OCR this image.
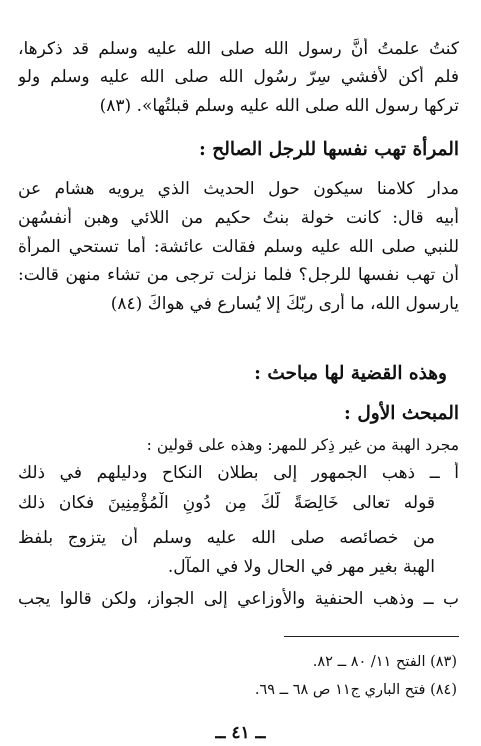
كنتُ علمتُ أنَّ رسول الله صلى الله عليه وسلم قد ذكرها،
فلم أكن لأفشي سِرّ رسُول الله صلى الله عليه وسلم ولو
تركها رسول الله صلى الله عليه وسلم قبلتُها». (٨٣)
المرأة تهب نفسها للرجل الصالح :
مدار كلامنا سيكون حول الحديث الذي يرويه هشام عن
أبيه قال: كانت خولة بنتُ حكيم من اللائي وهبن أنفسُهن
للنبي صلى الله عليه وسلم فقالت عائشة: أما تستحي المرأة
أن تهب نفسها للرجل؟ فلما نزلت ترجى من تشاء منهن قالت:
يارسول الله، ما أرى ربّكَ إلا يُسارع في هواكَ (٨٤)
وهذه القضية لها مباحث :
المبحث الأول :
مجرد الهبة من غير ذِكر للمهر: وهذه على قولين :
أ ــ ذهب الجمهور إلى بطلان النكاح ودليلهم في ذلك
قوله تعالى خَالِصَةً لَّكَ مِن دُونِ الْمُؤْمِنِينَ فكان ذلك
من خصائصه صلى الله عليه وسلم أن يتزوج بلفظ
الهبة بغير مهر في الحال ولا في المآل.
ب ــ وذهب الحنفية والأوزاعي إلى الجواز، ولكن قالوا يجب
(٨٣) الفتح ١١/ ٨٠ ــ ٨٢.
(٨٤) فتح الباري ج١١ ص ٦٨ ــ ٦٩.
ــ ٤١ ــ
